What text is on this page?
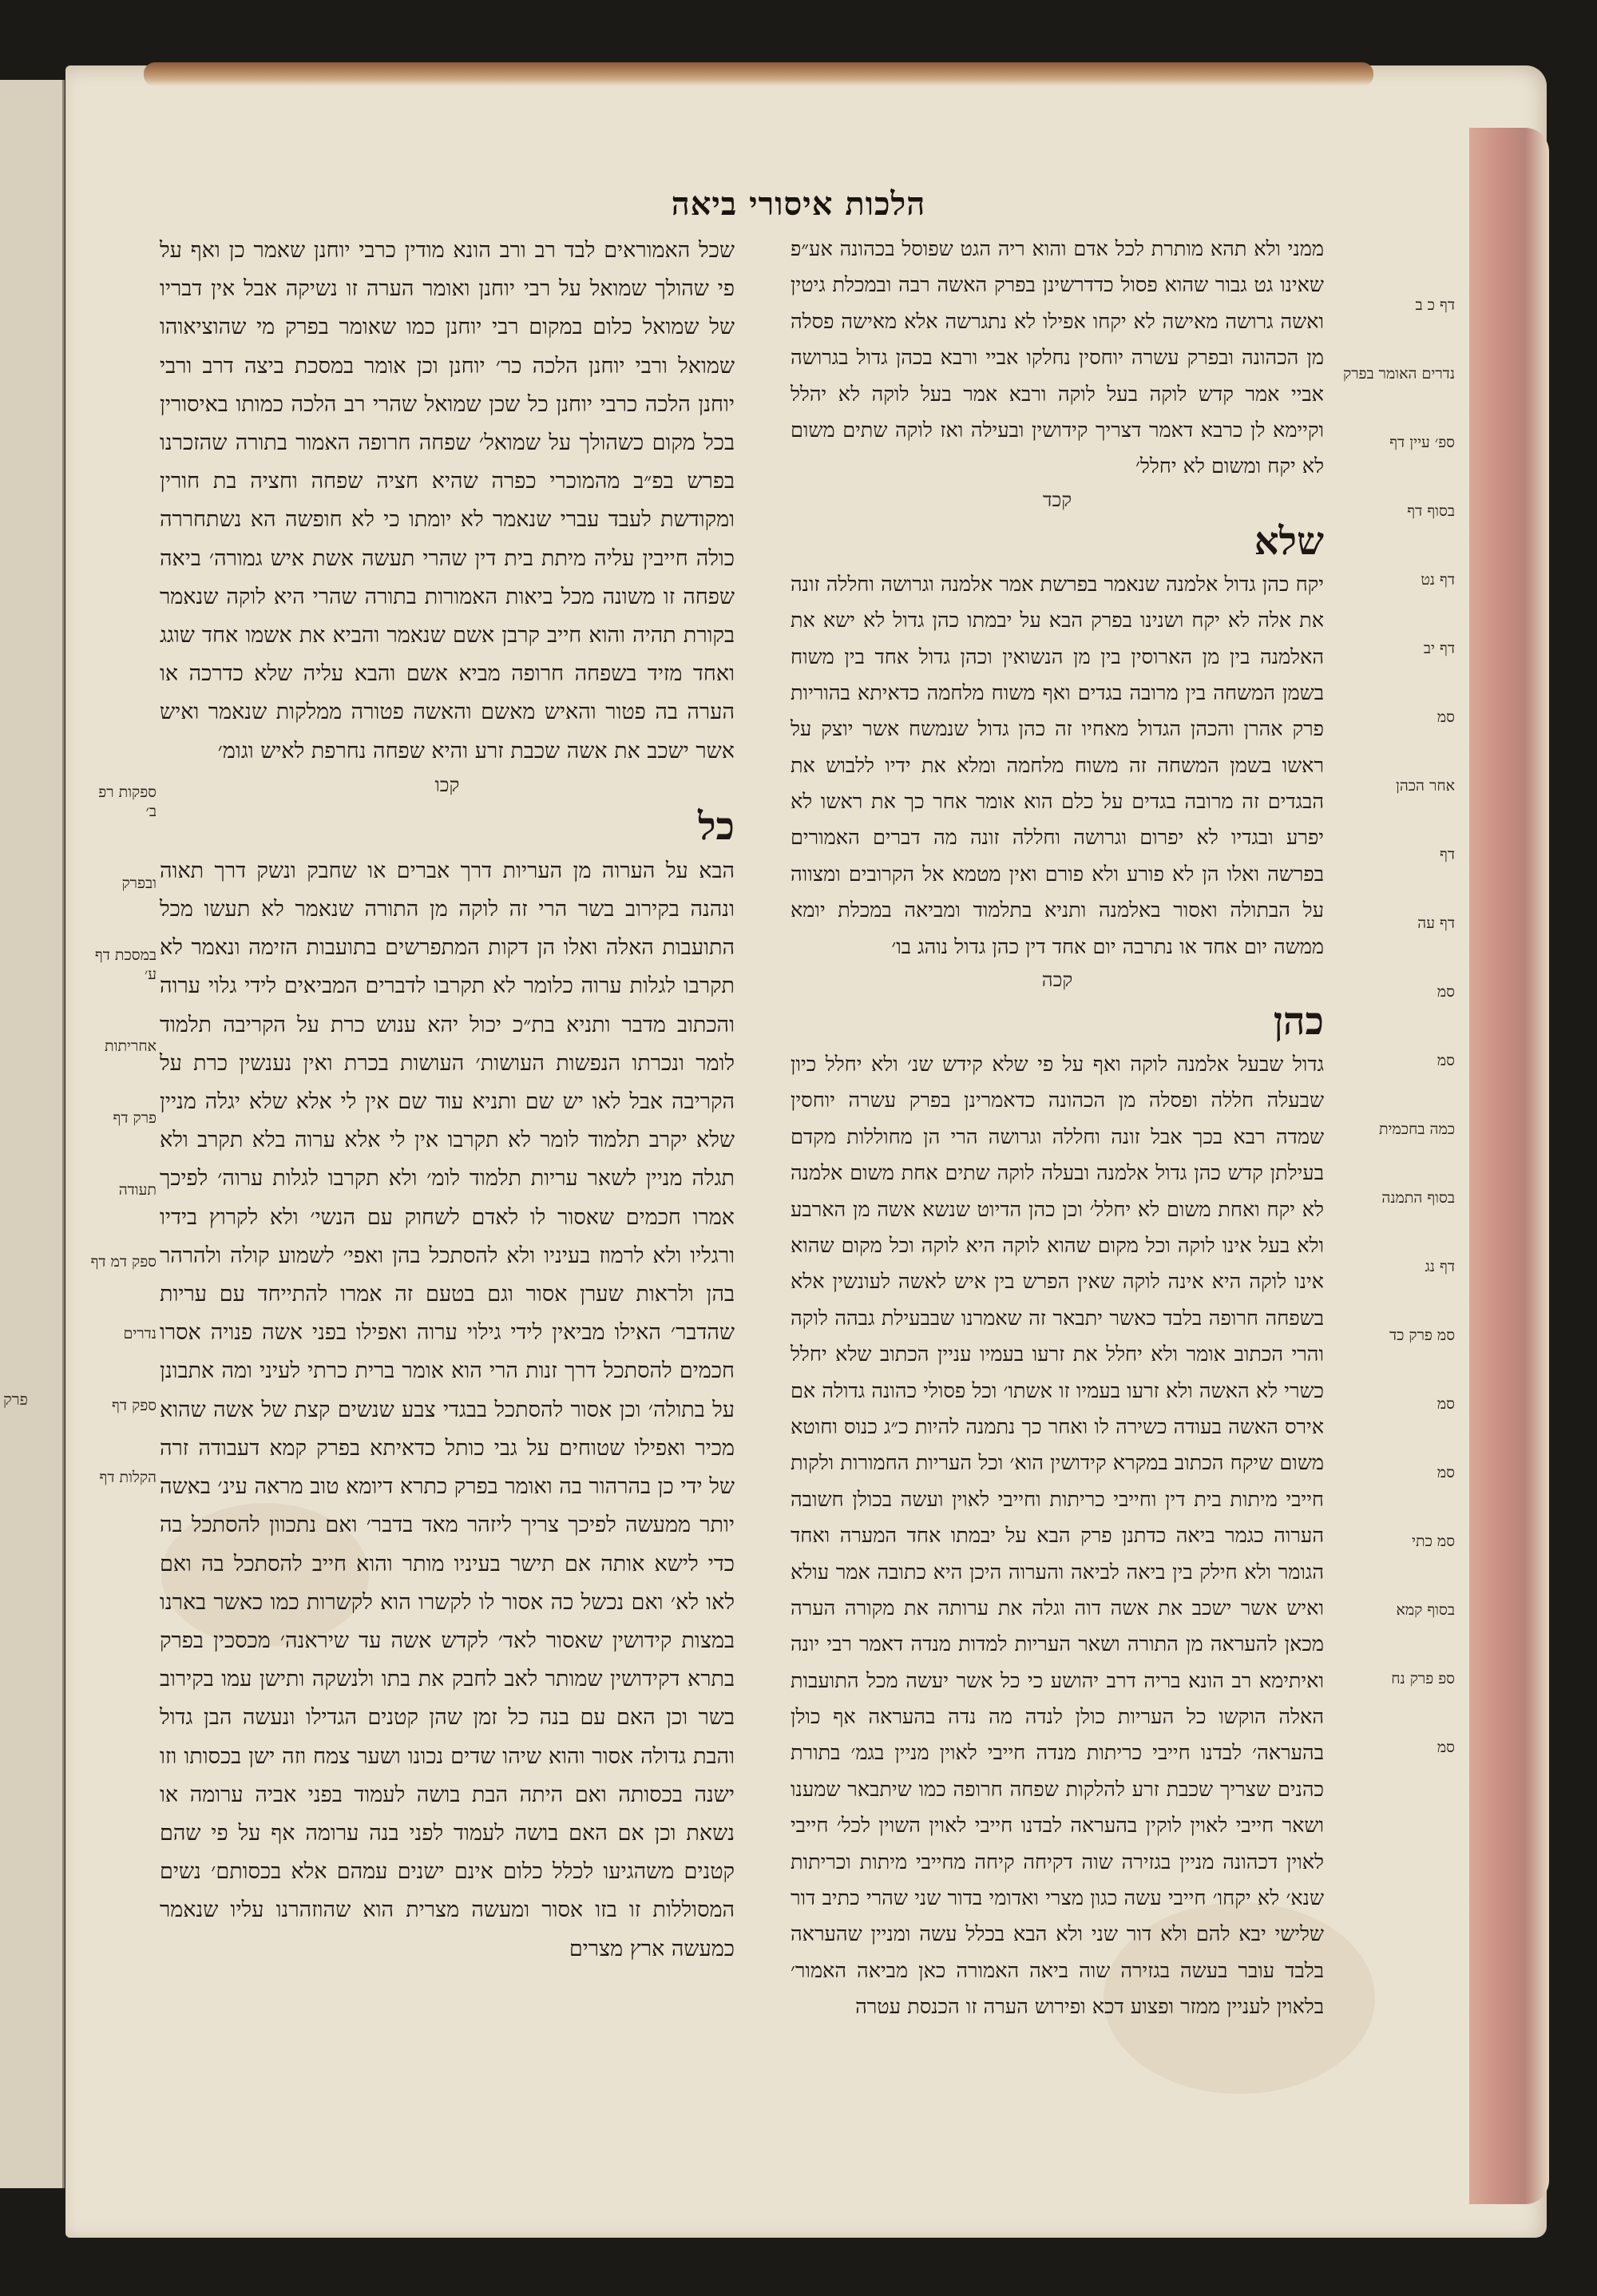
פרק
הלכות איסורי ביאה

ממני ולא תהא מותרת לכל אדם והוא ריה הגט שפוסל בכהונה אע״פ שאינו גט גבור שהוא פסול כדדרשינן בפרק האשה רבה ובמכלת גיטין ואשה גרושה מאישה לא יקחו אפילו לא נתגרשה אלא מאישה פסלה מן הכהונה ובפרק עשרה יוחסין נחלקו אביי ורבא בכהן גדול בגרושה אביי אמר קדש לוקה בעל לוקה ורבא אמר בעל לוקה לא יהלל וקיימא לן כרבא דאמר דצריך קידושין ובעילה ואז לוקה שתים משום לא יקח ומשום לא יחלל׳

קכד
שלא

יקח כהן גדול אלמנה שנאמר בפרשת אמר אלמנה וגרושה וחללה זונה את אלה לא יקח ושנינו בפרק הבא על יבמתו כהן גדול לא ישא את האלמנה בין מן הארוסין בין מן הנשואין וכהן גדול אחד בין משוח בשמן המשחה בין מרובה בגדים ואף משוח מלחמה כדאיתא בהוריות פרק אהרן והכהן הגדול מאחיו זה כהן גדול שנמשח אשר יוצק על ראשו בשמן המשחה זה משוח מלחמה ומלא את ידיו ללבוש את הבגדים זה מרובה בגדים על כלם הוא אומר אחר כך את ראשו לא יפרע ובגדיו לא יפרום וגרושה וחללה זונה מה דברים האמורים בפרשה ואלו הן לא פורע ולא פורם ואין מטמא אל הקרובים ומצווה על הבתולה ואסור באלמנה ותניא בתלמוד ומביאה במכלת יומא ממשה יום אחד או נתרבה יום אחד דין כהן גדול נוהג בו׳

קכה
כהן

גדול שבעל אלמנה לוקה ואף על פי שלא קידש שנ׳ ולא יחלל כיון שבעלה חללה ופסלה מן הכהונה כדאמרינן בפרק עשרה יוחסין שמדה רבא בכך אבל זונה וחללה וגרושה הרי הן מחוללות מקדם בעילתן קדש כהן גדול אלמנה ובעלה לוקה שתים אחת משום אלמנה לא יקח ואחת משום לא יחלל׳ וכן כהן הדיוט שנשא אשה מן הארבע ולא בעל אינו לוקה וכל מקום שהוא לוקה היא לוקה וכל מקום שהוא אינו לוקה היא אינה לוקה שאין הפרש בין איש לאשה לעונשין אלא בשפחה חרופה בלבד כאשר יתבאר זה שאמרנו שבבעילת גבהה לוקה והרי הכתוב אומר ולא יחלל את זרעו בעמיו עניין הכתוב שלא יחלל כשרי לא האשה ולא זרעו בעמיו זו אשתו׳ וכל פסולי כהונה גדולה אם אירס האשה בעודה כשירה לו ואחר כך נתמנה להיות כ״ג כנוס וחוטא משום שיקח הכתוב במקרא קידושין הוא׳ וכל העריות החמורות ולקות חייבי מיתות בית דין וחייבי כריתות וחייבי לאוין ועשה בכולן חשובה הערוה כגמר ביאה כדתנן פרק הבא על יבמתו אחד המערה ואחד הגומר ולא חילק בין ביאה לביאה והערוה היכן היא כתובה אמר עולא ואיש אשר ישכב את אשה דוה וגלה את ערותה את מקורה הערה מכאן להעראה מן התורה ושאר העריות למדות מנדה דאמר רבי יונה ואיתימא רב הונא בריה דרב יהושע כי כל אשר יעשה מכל התועבות האלה הוקשו כל העריות כולן לנדה מה נדה בהעראה אף כולן בהעראה׳ לבדנו חייבי כריתות מנדה חייבי לאוין מניין בגמ׳ בתורת כהנים שצריך שכבת זרע להלקות שפחה חרופה כמו שיתבאר שמענו ושאר חייבי לאוין לוקין בהעראה לבדנו חייבי לאוין השוין לכל׳ חייבי לאוין דכהונה מניין בגזירה שוה דקיחה קיחה מחייבי מיתות וכריתות שנא׳ לא יקחו׳ חייבי עשה כגון מצרי ואדומי בדור שני שהרי כתיב דור שלישי יבא להם ולא דור שני ולא הבא בכלל עשה ומניין שהעראה בלבד עובר בעשה בגזירה שוה ביאה האמורה כאן מביאה האמור׳ בלאוין לעניין ממזר ופצוע דכא ופירוש הערה זו הכנסת עטרה

שכל האמוראים לבד רב ורב הונא מודין כרבי יוחנן שאמר כן ואף על פי שהולך שמואל על רבי יוחנן ואומר הערה זו נשיקה אבל אין דבריו של שמואל כלום במקום רבי יוחנן כמו שאומר בפרק מי שהוציאוהו שמואל ורבי יוחנן הלכה כר׳ יוחנן וכן אומר במסכת ביצה דרב ורבי יוחנן הלכה כרבי יוחנן כל שכן שמואל שהרי רב הלכה כמותו באיסורין בכל מקום כשהולך על שמואל׳ שפחה חרופה האמור בתורה שהזכרנו בפרש בפ״ב מהמוכרי כפרה שהיא חציה שפחה וחציה בת חורין ומקודשת לעבד עברי שנאמר לא יומתו כי לא חופשה הא נשתחררה כולה חייבין עליה מיתת בית דין שהרי תעשה אשת איש גמורה׳ ביאה שפחה זו משונה מכל ביאות האמורות בתורה שהרי היא לוקה שנאמר בקורת תהיה והוא חייב קרבן אשם שנאמר והביא את אשמו אחד שוגג ואחד מזיד בשפחה חרופה מביא אשם והבא עליה שלא כדרכה או הערה בה פטור והאיש מאשם והאשה פטורה ממלקות שנאמר ואיש אשר ישכב את אשה שכבת זרע והיא שפחה נחרפת לאיש וגומ׳

קכו
כל

הבא על הערוה מן העריות דרך אברים או שחבק ונשק דרך תאוה ונהנה בקירוב בשר הרי זה לוקה מן התורה שנאמר לא תעשו מכל התועבות האלה ואלו הן דקות המתפרשים בתועבות הזימה ונאמר לא תקרבו לגלות ערוה כלומר לא תקרבו לדברים המביאים לידי גלוי ערוה והכתוב מדבר ותניא בת״כ יכול יהא ענוש כרת על הקריבה תלמוד לומר ונכרתו הנפשות העושות׳ העושות בכרת ואין נענשין כרת על הקריבה אבל לאו יש שם ותניא עוד שם אין לי אלא שלא יגלה מניין שלא יקרב תלמוד לומר לא תקרבו אין לי אלא ערוה בלא תקרב ולא תגלה מניין לשאר עריות תלמוד לומ׳ ולא תקרבו לגלות ערוה׳ לפיכך אמרו חכמים שאסור לו לאדם לשחוק עם הנשי׳ ולא לקרוץ בידיו ורגליו ולא לרמוז בעיניו ולא להסתכל בהן ואפי׳ לשמוע קולה ולהרהר בהן ולראות שערן אסור וגם בטעם זה אמרו להתייחד עם עריות שהדבר׳ האילו מביאין לידי גילוי ערוה ואפילו בפני אשה פנויה אסרו חכמים להסתכל דרך זנות הרי הוא אומר ברית כרתי לעיני ומה אתבונן על בתולה׳ וכן אסור להסתכל בבגדי צבע שנשים קצת של אשה שהוא מכיר ואפילו שטוחים על גבי כותל כדאיתא בפרק קמא דעבודה זרה של ידי כן בהרהור בה ואומר בפרק כתרא דיומא טוב מראה עינ׳ באשה יותר ממעשה לפיכך צריך ליזהר מאד בדבר׳ ואם נתכוון להסתכל בה כדי לישא אותה אם תישר בעיניו מותר והוא חייב להסתכל בה ואם לאו לא׳ ואם נכשל כה אסור לו לקשרו הוא לקשרות כמו כאשר בארנו במצות קידושין שאסור לאד׳ לקדש אשה עד שיראנה׳ מכסכין בפרק בתרא דקידושין שמותר לאב לחבק את בתו ולנשקה ותישן עמו בקירוב בשר וכן האם עם בנה כל זמן שהן קטנים הגדילו ונעשה הבן גדול והבת גדולה אסור והוא שיהו שדים נכונו ושער צמח וזה ישן בכסותו וזו ישנה בכסותה ואם היתה הבת בושה לעמוד בפני אביה ערומה או נשאת וכן אם האם בושה לעמוד לפני בנה ערומה אף על פי שהם קטנים משהגיעו לכלל כלום אינם ישנים עמהם אלא בכסותם׳ נשים המסוללות זו בזו אסור ומעשה מצרית הוא שהוזהרנו עליו שנאמר כמעשה ארץ מצרים

דף כ ב
נדרים האומר בפרק
ספ׳ עיין דף
בסוף דף
דף נט
דף יב
סמ
אחר הכהן
דף
דף עה
סמ
סמ
כמה בחכמית
בסוף התמנה
דף נג
סמ פרק כד
סמ
סמ
סמ כתי
בסוף קמא
ספ פרק נח
סמ
ספקות רפ ב׳
ובפרק
במסכת דף ע׳
אחריתות
פרק דף
תעודה
ספק דמ דף
נדרים
ספק דף
הקלות דף
